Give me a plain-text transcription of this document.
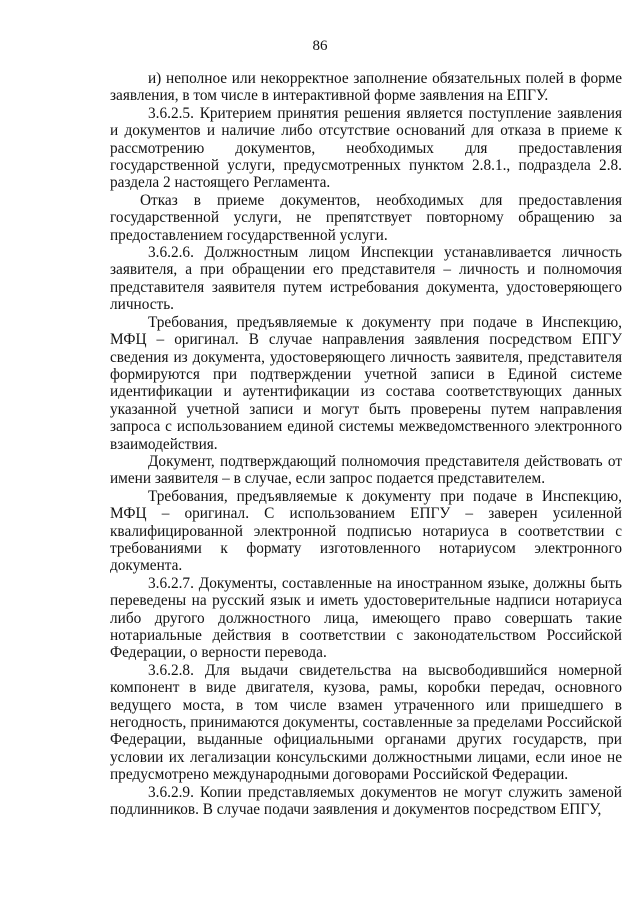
86

и) неполное или некорректное заполнение обязательных полей в форме заявления, в том числе в интерактивной форме заявления на ЕПГУ.

3.6.2.5. Критерием принятия решения является поступление заявления и документов и наличие либо отсутствие оснований для отказа в приеме к рассмотрению документов, необходимых для предоставления государственной услуги, предусмотренных пунктом 2.8.1., подраздела 2.8. раздела 2 настоящего Регламента.

Отказ в приеме документов, необходимых для предоставления государственной услуги, не препятствует повторному обращению за предоставлением государственной услуги.

3.6.2.6. Должностным лицом Инспекции устанавливается личность заявителя, а при обращении его представителя – личность и полномочия представителя заявителя путем истребования документа, удостоверяющего личность.

Требования, предъявляемые к документу при подаче в Инспекцию, МФЦ – оригинал. В случае направления заявления посредством ЕПГУ сведения из документа, удостоверяющего личность заявителя, представителя формируются при подтверждении учетной записи в Единой системе идентификации и аутентификации из состава соответствующих данных указанной учетной записи и могут быть проверены путем направления запроса с использованием единой системы межведомственного электронного взаимодействия.

Документ, подтверждающий полномочия представителя действовать от имени заявителя – в случае, если запрос подается представителем.

Требования, предъявляемые к документу при подаче в Инспекцию, МФЦ – оригинал. С использованием ЕПГУ – заверен усиленной квалифицированной электронной подписью нотариуса в соответствии с требованиями к формату изготовленного нотариусом электронного документа.

3.6.2.7. Документы, составленные на иностранном языке, должны быть переведены на русский язык и иметь удостоверительные надписи нотариуса либо другого должностного лица, имеющего право совершать такие нотариальные действия в соответствии с законодательством Российской Федерации, о верности перевода.

3.6.2.8. Для выдачи свидетельства на высвободившийся номерной компонент в виде двигателя, кузова, рамы, коробки передач, основного ведущего моста, в том числе взамен утраченного или пришедшего в негодность, принимаются документы, составленные за пределами Российской Федерации, выданные официальными органами других государств, при условии их легализации консульскими должностными лицами, если иное не предусмотрено международными договорами Российской Федерации.

3.6.2.9. Копии представляемых документов не могут служить заменой подлинников. В случае подачи заявления и документов посредством ЕПГУ,
